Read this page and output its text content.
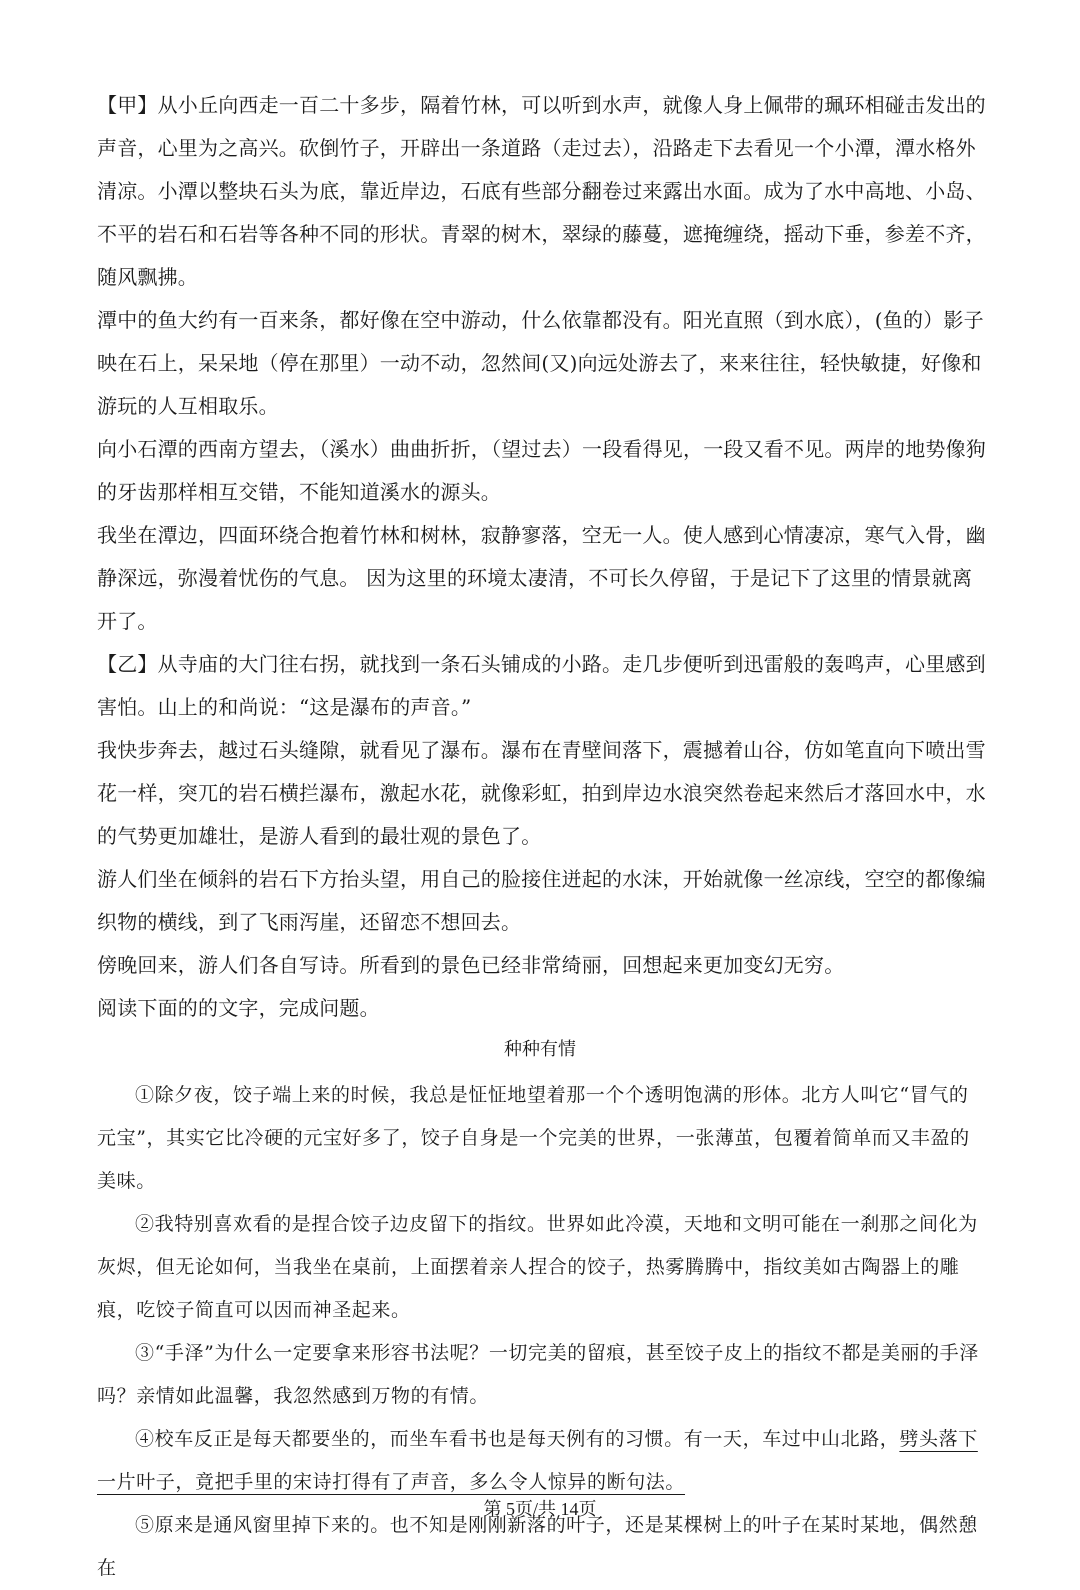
【甲】从小丘向西走一百二十多步，隔着竹林，可以听到水声，就像人身上佩带的珮环相碰击发出的声音，心里为之高兴。砍倒竹子，开辟出一条道路（走过去），沿路走下去看见一个小潭，潭水格外清凉。小潭以整块石头为底，靠近岸边，石底有些部分翻卷过来露出水面。成为了水中高地、小岛、不平的岩石和石岩等各种不同的形状。青翠的树木，翠绿的藤蔓，遮掩缠绕，摇动下垂，参差不齐，随风飘拂。

潭中的鱼大约有一百来条，都好像在空中游动，什么依靠都没有。阳光直照（到水底），(鱼的）影子映在石上，呆呆地（停在那里）一动不动，忽然间(又)向远处游去了，来来往往，轻快敏捷，好像和游玩的人互相取乐。

向小石潭的西南方望去，（溪水）曲曲折折，（望过去）一段看得见，一段又看不见。两岸的地势像狗的牙齿那样相互交错，不能知道溪水的源头。

我坐在潭边，四面环绕合抱着竹林和树林，寂静寥落，空无一人。使人感到心情凄凉，寒气入骨，幽静深远，弥漫着忧伤的气息。 因为这里的环境太凄清，不可长久停留，于是记下了这里的情景就离开了。

【乙】从寺庙的大门往右拐，就找到一条石头铺成的小路。走几步便听到迅雷般的轰鸣声，心里感到害怕。山上的和尚说：“这是瀑布的声音。”

我快步奔去，越过石头缝隙，就看见了瀑布。瀑布在青壁间落下，震撼着山谷，仿如笔直向下喷出雪花一样，突兀的岩石横拦瀑布，激起水花，就像彩虹，拍到岸边水浪突然卷起来然后才落回水中，水的气势更加雄壮，是游人看到的最壮观的景色了。

游人们坐在倾斜的岩石下方抬头望，用自己的脸接住迸起的水沫，开始就像一丝凉线，空空的都像编织物的横线，到了飞雨泻崖，还留恋不想回去。

傍晚回来，游人们各自写诗。所看到的景色已经非常绮丽，回想起来更加变幻无穷。

阅读下面的的文字，完成问题。

种种有情

①除夕夜，饺子端上来的时候，我总是怔怔地望着那一个个透明饱满的形体。北方人叫它“冒气的元宝”，其实它比冷硬的元宝好多了，饺子自身是一个完美的世界，一张薄茧，包覆着简单而又丰盈的美味。

②我特别喜欢看的是捏合饺子边皮留下的指纹。世界如此冷漠，天地和文明可能在一刹那之间化为灰烬，但无论如何，当我坐在桌前，上面摆着亲人捏合的饺子，热雾腾腾中，指纹美如古陶器上的雕痕，吃饺子简直可以因而神圣起来。

③“手泽”为什么一定要拿来形容书法呢？一切完美的留痕，甚至饺子皮上的指纹不都是美丽的手泽吗？亲情如此温馨，我忽然感到万物的有情。

④校车反正是每天都要坐的，而坐车看书也是每天例有的习惯。有一天，车过中山北路，劈头落下一片叶子，竟把手里的宋诗打得有了声音，多么令人惊异的断句法。

⑤原来是通风窗里掉下来的。也不知是刚刚新落的叶子，还是某棵树上的叶子在某时某地，偶然憩在

第 5页/共 14页
